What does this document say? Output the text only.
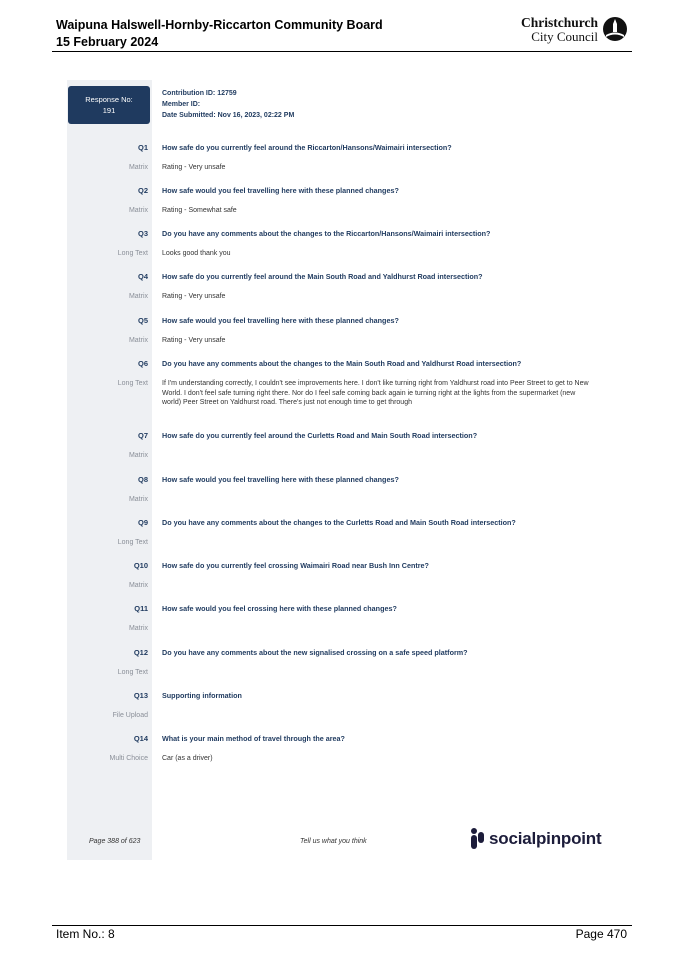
Waipuna Halswell-Hornby-Riccarton Community Board
15 February 2024
Christchurch
City Council
Response No:
191
Contribution ID: 12759
Member ID:
Date Submitted: Nov 16, 2023, 02:22 PM
Q1 How safe do you currently feel around the Riccarton/Hansons/Waimairi intersection?
Matrix Rating - Very unsafe
Q2 How safe would you feel travelling here with these planned changes?
Matrix Rating - Somewhat safe
Q3 Do you have any comments about the changes to the Riccarton/Hansons/Waimairi intersection?
Long Text Looks good thank you
Q4 How safe do you currently feel around the Main South Road and Yaldhurst Road intersection?
Matrix Rating - Very unsafe
Q5 How safe would you feel travelling here with these planned changes?
Matrix Rating - Very unsafe
Q6 Do you have any comments about the changes to the Main South Road and Yaldhurst Road intersection?
Long Text If I'm understanding correctly, I couldn't see improvements here. I don't like turning right from Yaldhurst road into Peer Street to get to New World. I don't feel safe turning right there. Nor do I feel safe coming back again ie turning right at the lights from the supermarket (new world) Peer Street on Yaldhurst road. There's just not enough time to get through
Q7 How safe do you currently feel around the Curletts Road and Main South Road intersection?
Matrix
Q8 How safe would you feel travelling here with these planned changes?
Matrix
Q9 Do you have any comments about the changes to the Curletts Road and Main South Road intersection?
Long Text
Q10 How safe do you currently feel crossing Waimairi Road near Bush Inn Centre?
Matrix
Q11 How safe would you feel crossing here with these planned changes?
Matrix
Q12 Do you have any comments about the new signalised crossing on a safe speed platform?
Long Text
Q13 Supporting information
File Upload
Q14 What is your main method of travel through the area?
Multi Choice Car (as a driver)
Page 388 of 623	Tell us what you think	socialpinpoint
Item No.: 8	Page 470
